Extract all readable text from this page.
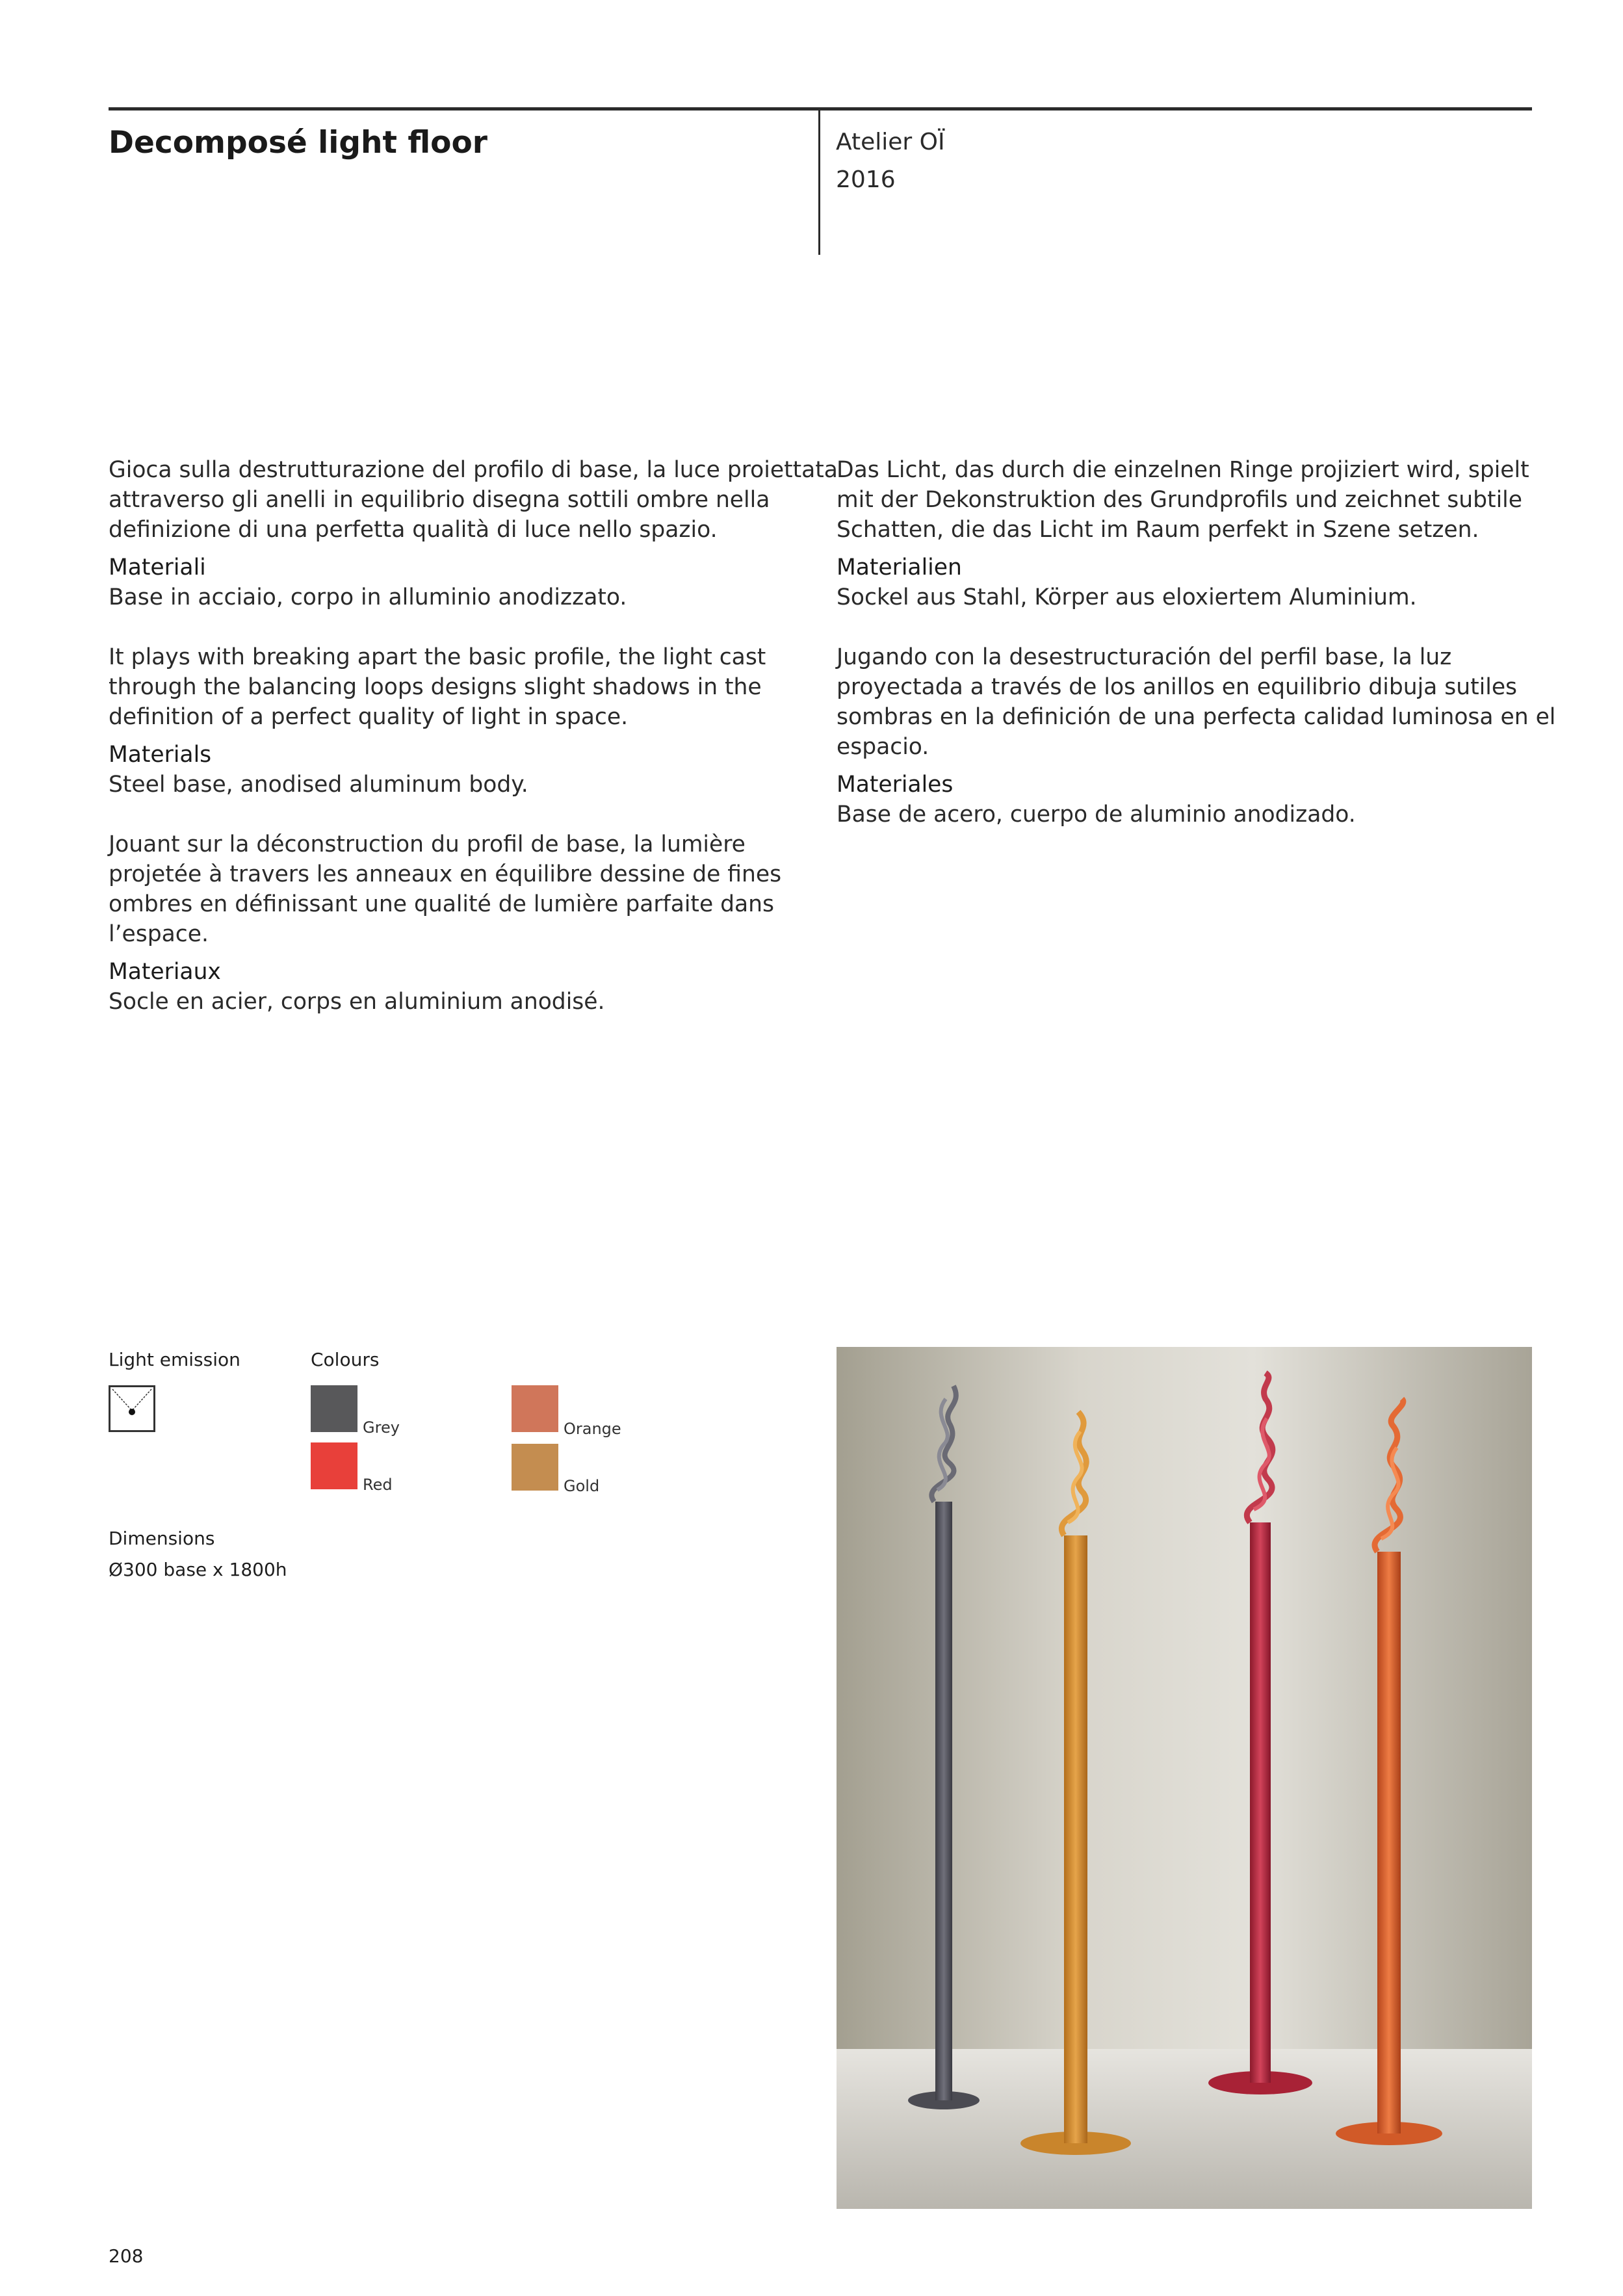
Decomposé light floor	Atelier OÏ
2016

Gioca sulla destrutturazione del profilo di base, la luce proiettata

attraverso gli anelli in equilibrio disegna sottili ombre nella

definizione di una perfetta qualità di luce nello spazio.

Materiali

Base in acciaio, corpo in alluminio anodizzato.

It plays with breaking apart the basic profile, the light cast

through the balancing loops designs slight shadows in the

definition of a perfect quality of light in space.

Materials

Steel base, anodised aluminum body.

Jouant sur la déconstruction du profil de base, la lumière

projetée à travers les anneaux en équilibre dessine de fines

ombres en définissant une qualité de lumière parfaite dans

l’espace.

Materiaux

Socle en acier, corps en aluminium anodisé.

Das Licht, das durch die einzelnen Ringe projiziert wird, spielt

mit der Dekonstruktion des Grundprofils und zeichnet subtile

Schatten, die das Licht im Raum perfekt in Szene setzen.

Materialien

Sockel aus Stahl, Körper aus eloxiertem Aluminium.

Jugando con la desestructuración del perfil base, la luz

proyectada a través de los anillos en equilibrio dibuja sutiles

sombras en la definición de una perfecta calidad luminosa en el

espacio.

Materiales

Base de acero, cuerpo de aluminio anodizado.

Light emission	Colours
Grey
Red
Orange
Gold
Dimensions
Ø300 base x 1800h
208
